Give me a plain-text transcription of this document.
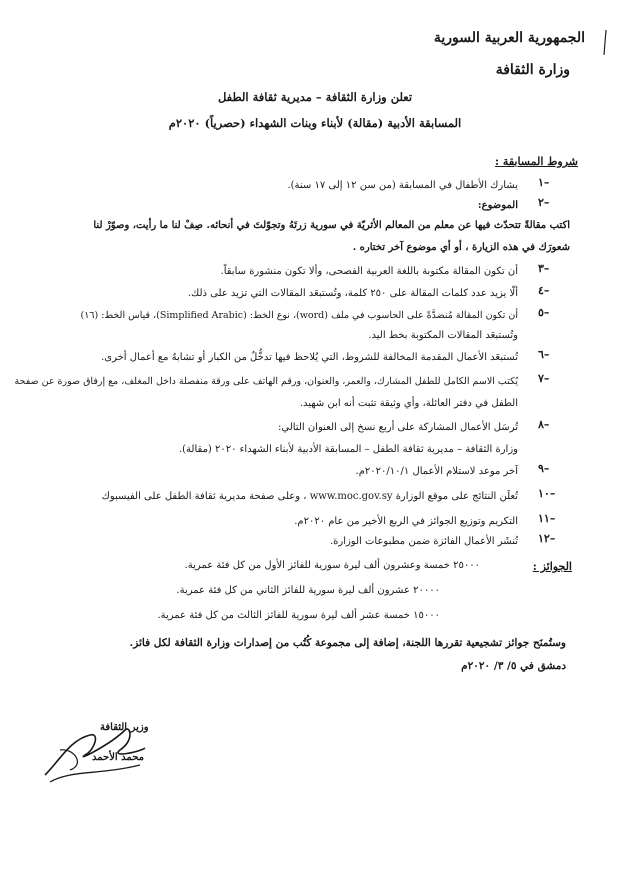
الجمهورية العربية السورية
وزارة الثقافة
تعلن وزارة الثقافة – مديرية ثقافة الطفل
المسابقة الأدبية (مقالة) لأبناء وبنات الشهداء (حصرياً) ٢٠٢٠م
شروط المسابقة :
١–
يشارك الأطفال في المسابقة (من سن ١٢ إلى ١٧ سنة).
٢–
الموضوع:
اكتب مقالةً تتحدّث فيها عن معلم من المعالم الأثريّة في سورية زرتَهُ وتجوّلتَ في أنحائه. صِفْ لنا ما رأيت، وصوّرْ لنا
شعورَك في هذه الزيارة ، أو أي موضوع آخر تختاره .
٣–
أن تكون المقالة مكتوبة باللغة العربية الفصحى، وألا تكون منشورة سابقاً.
٤–
ألّا يزيد عدد كلمات المقالة على ٢٥٠ كلمة، وتُستبعَد المقالات التي تزيد على ذلك.
٥–
أن تكون المقالة مُنضدَّةً على الحاسوب في ملف (word)، نوع الخط: (Simplified Arabic)، قياس الخط: (١٦)
وتُستبعَد المقالات المكتوبة بخط اليد.
٦–
تُستبعَد الأعمال المقدمة المخالفة للشروط، التي يُلاحظ فيها تدخُّلٌ من الكبار أو تشابهٌ مع أعمال أخرى.
٧–
يُكتب الاسم الكامل للطفل المشارك، والعمر، والعنوان، ورقم الهاتف على ورقة منفصلة داخل المغلف، مع إرفاق صورة عن صفحة
الطفل في دفتر العائلة، وأي وثيقة تثبت أنه ابن شهيد.
٨–
تُرسَل الأعمال المشاركة على أربع نسخ إلى العنوان التالي:
وزارة الثقافة – مديرية ثقافة الطفل – المسابقة الأدبية لأبناء الشهداء ٢٠٢٠ (مقالة).
٩–
آخر موعد لاستلام الأعمال ٢٠٢٠/١٠/١م.
١٠–
تُعلَن النتائج على موقع الوزارة www.moc.gov.sy ، وعلى صفحة مديرية ثقافة الطفل على الفيسبوك
١١–
التكريم وتوزيع الجوائز في الربع الأخير من عام ٢٠٢٠م.
١٢–
تُنشَر الأعمال الفائزة ضمن مطبوعات الوزارة.
الجوائز :
٢٥٠٠٠ خمسة وعشرون ألف ليرة سورية للفائز الأول من كل فئة عمرية.
٢٠٠٠٠ عشرون ألف ليرة سورية للفائز الثاني من كل فئة عمرية.
١٥٠٠٠ خمسة عشر ألف ليرة سورية للفائز الثالث من كل فئة عمرية.
وستُمنَح جوائز تشجيعية تقررها اللجنة، إضافة إلى مجموعة كُتُب من إصدارات وزارة الثقافة لكل فائز.
دمشق في ٥/ ٣/ ٢٠٢٠م
وزير الثقافة
محمد الأحمد
